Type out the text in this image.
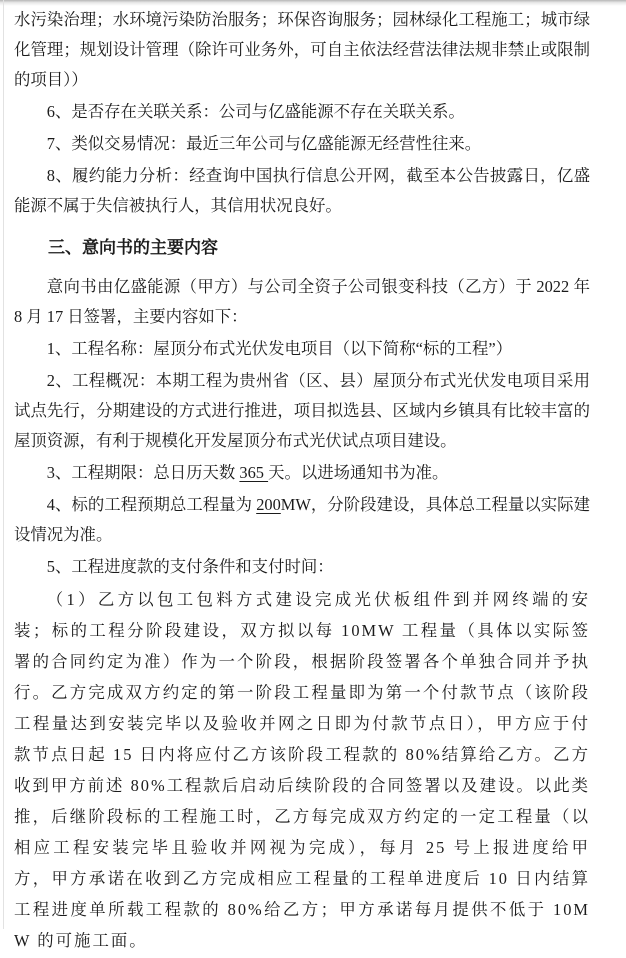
水污染治理；水环境污染防治服务；环保咨询服务；园林绿化工程施工；城市绿化管理；规划设计管理（除许可业务外，可自主依法经营法律法规非禁止或限制的项目））

6、是否存在关联关系：公司与亿盛能源不存在关联关系。

7、类似交易情况：最近三年公司与亿盛能源无经营性往来。

8、履约能力分析：经查询中国执行信息公开网，截至本公告披露日，亿盛能源不属于失信被执行人，其信用状况良好。

三、意向书的主要内容

意向书由亿盛能源（甲方）与公司全资子公司银变科技（乙方）于 2022 年 8 月 17 日签署，主要内容如下：

1、工程名称：屋顶分布式光伏发电项目（以下简称“标的工程”）

2、工程概况：本期工程为贵州省（区、县）屋顶分布式光伏发电项目采用试点先行，分期建设的方式进行推进，项目拟选县、区域内乡镇具有比较丰富的屋顶资源，有利于规模化开发屋顶分布式光伏试点项目建设。

3、工程期限：总日历天数 365 天。以进场通知书为准。

4、标的工程预期总工程量为 200MW，分阶段建设，具体总工程量以实际建设情况为准。

5、工程进度款的支付条件和支付时间：

（1）乙方以包工包料方式建设完成光伏板组件到并网终端的安装；标的工程分阶段建设，双方拟以每 10MW 工程量（具体以实际签署的合同约定为准）作为一个阶段，根据阶段签署各个单独合同并予执行。乙方完成双方约定的第一阶段工程量即为第一个付款节点（该阶段工程量达到安装完毕以及验收并网之日即为付款节点日），甲方应于付款节点日起 15 日内将应付乙方该阶段工程款的 80%结算给乙方。乙方收到甲方前述 80%工程款后启动后续阶段的合同签署以及建设。以此类推，后继阶段标的工程施工时，乙方每完成双方约定的一定工程量（以相应工程安装完毕且验收并网视为完成），每月 25 号上报进度给甲方，甲方承诺在收到乙方完成相应工程量的工程单进度后 10 日内结算工程进度单所载工程款的 80%给乙方；甲方承诺每月提供不低于 10MW 的可施工面。
